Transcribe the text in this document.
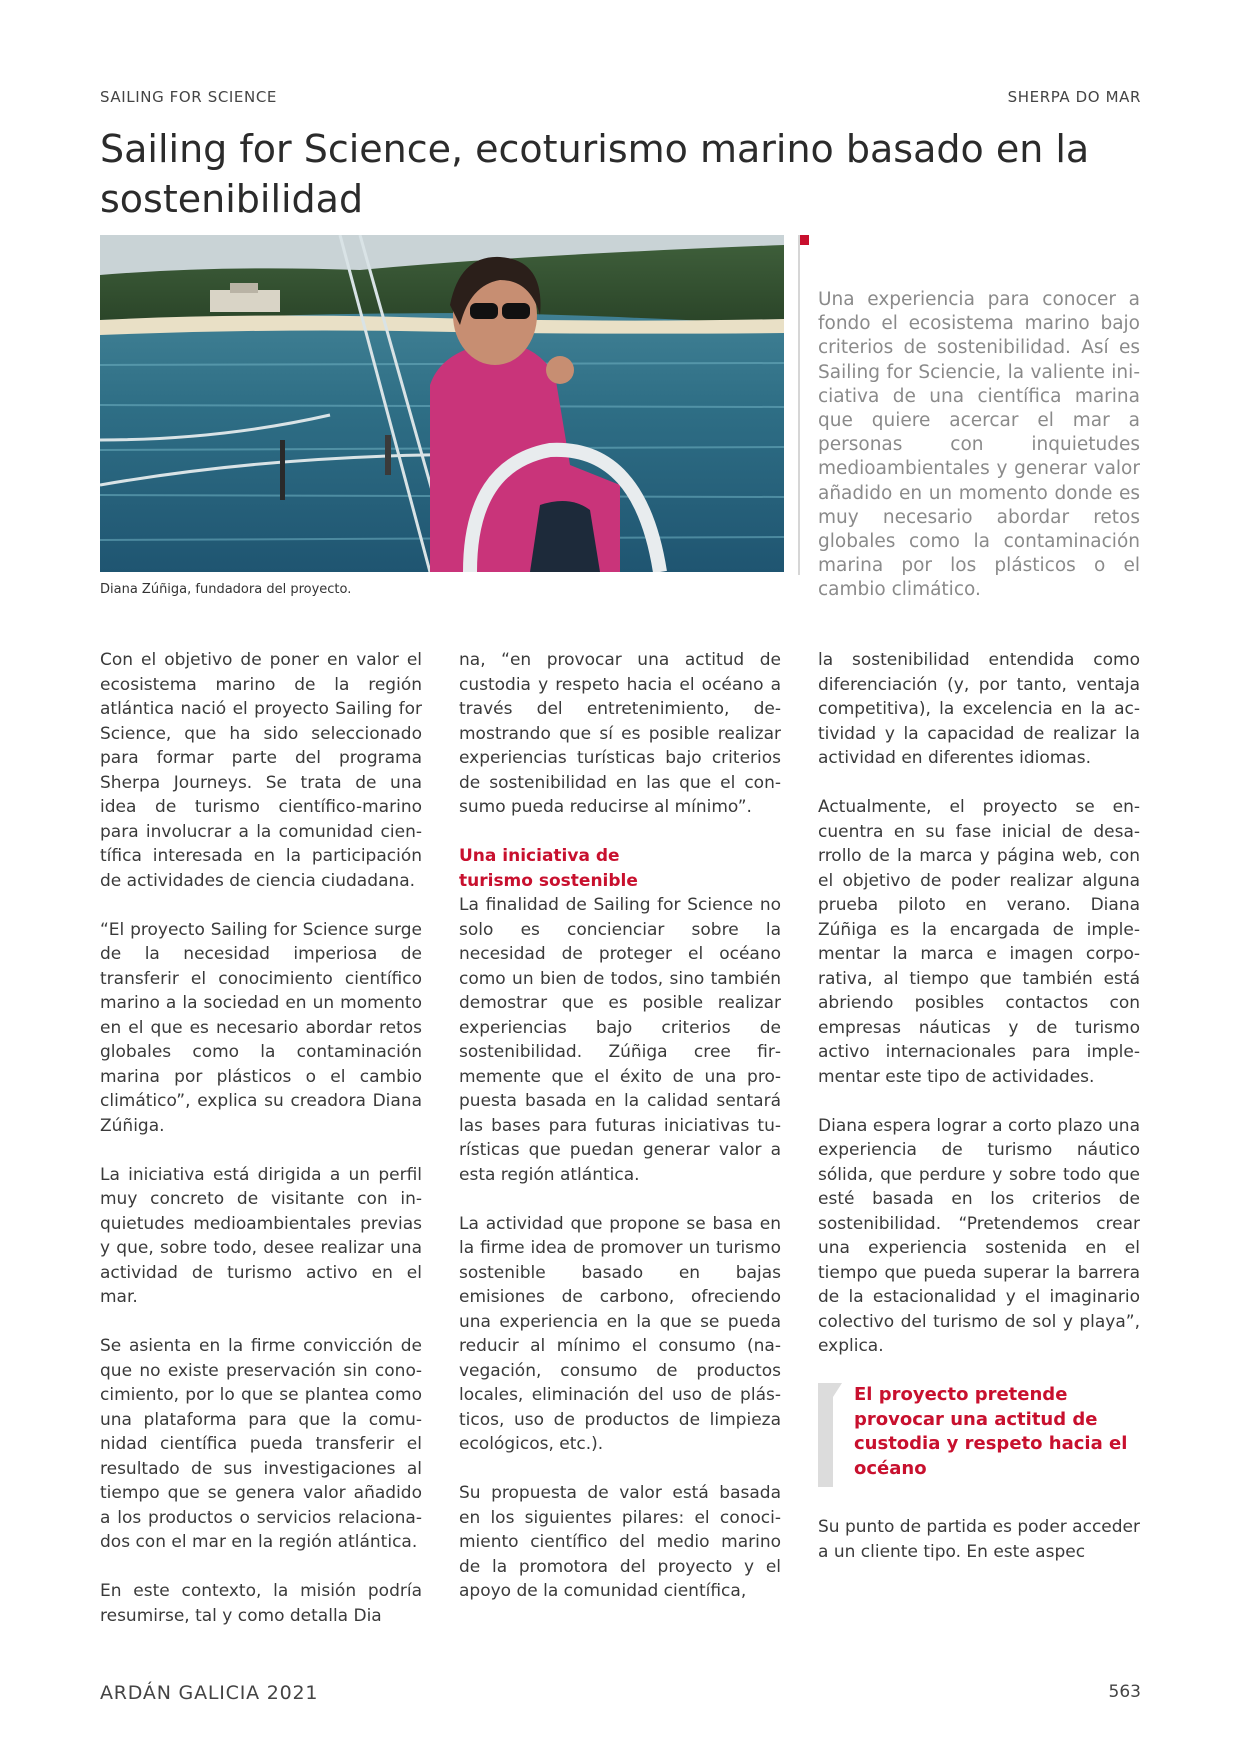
SAILING FOR SCIENCE	SHERPA DO MAR
Sailing for Science, ecoturismo marino basado en la sostenibilidad
Diana Zúñiga, fundadora del proyecto.
Una experiencia para conocer a fondo el ecosistema marino bajo criterios de sostenibilidad. Así es Sailing for Sciencie, la valiente iniciativa de una científica marina que quiere acercar el mar a personas con inquietudes medioambientales y generar valor añadido en un momento donde es muy necesario abordar retos globales como la contaminación marina por los plásticos o el cambio climático.

Con el objetivo de poner en valor el ecosistema marino de la región atlántica nació el proyecto Sailing for Science, que ha sido seleccionado para formar parte del programa Sherpa Journeys. Se trata de una idea de turismo científico-marino para involucrar a la comunidad científica interesada en la participación de actividades de ciencia ciudadana.

“El proyecto Sailing for Science surge de la necesidad imperiosa de transferir el conocimiento científico marino a la sociedad en un momento en el que es necesario abordar retos globales como la contaminación marina por plásticos o el cambio climático”, explica su creadora Diana Zúñiga.

La iniciativa está dirigida a un perfil muy concreto de visitante con inquietudes medioambientales previas y que, sobre todo, desee realizar una actividad de turismo activo en el mar.

Se asienta en la firme convicción de que no existe preservación sin conocimiento, por lo que se plantea como una plataforma para que la comunidad científica pueda transferir el resultado de sus investigaciones al tiempo que se genera valor añadido a los productos o servicios relacionados con el mar en la región atlántica.

En este contexto, la misión podría resumirse, tal y como detalla Dia

na, “en provocar una actitud de custodia y respeto hacia el océano a través del entretenimiento, demostrando que sí es posible realizar experiencias turísticas bajo criterios de sostenibilidad en las que el consumo pueda reducirse al mínimo”.

Una iniciativa de
turismo sostenible

La finalidad de Sailing for Science no solo es concienciar sobre la necesidad de proteger el océano como un bien de todos, sino también demostrar que es posible realizar experiencias bajo criterios de sostenibilidad. Zúñiga cree firmemente que el éxito de una propuesta basada en la calidad sentará las bases para futuras iniciativas turísticas que puedan generar valor a esta región atlántica.

La actividad que propone se basa en la firme idea de promover un turismo sostenible basado en bajas emisiones de carbono, ofreciendo una experiencia en la que se pueda reducir al mínimo el consumo (navegación, consumo de productos locales, eliminación del uso de plásticos, uso de productos de limpieza ecológicos, etc.).

Su propuesta de valor está basada en los siguientes pilares: el conocimiento científico del medio marino de la promotora del proyecto y el apoyo de la comunidad científica,

la sostenibilidad entendida como diferenciación (y, por tanto, ventaja competitiva), la excelencia en la actividad y la capacidad de realizar la actividad en diferentes idiomas.

Actualmente, el proyecto se encuentra en su fase inicial de desarrollo de la marca y página web, con el objetivo de poder realizar alguna prueba piloto en verano. Diana Zúñiga es la encargada de implementar la marca e imagen corporativa, al tiempo que también está abriendo posibles contactos con empresas náuticas y de turismo activo internacionales para implementar este tipo de actividades.

Diana espera lograr a corto plazo una experiencia de turismo náutico sólida, que perdure y sobre todo que esté basada en los criterios de sostenibilidad. “Pretendemos crear una experiencia sostenida en el tiempo que pueda superar la barrera de la estacionalidad y el imaginario colectivo del turismo de sol y playa”, explica.

El proyecto pretende provocar una actitud de custodia y respeto hacia el océano

Su punto de partida es poder acceder a un cliente tipo. En este aspec

ARDÁN GALICIA 2021	563
